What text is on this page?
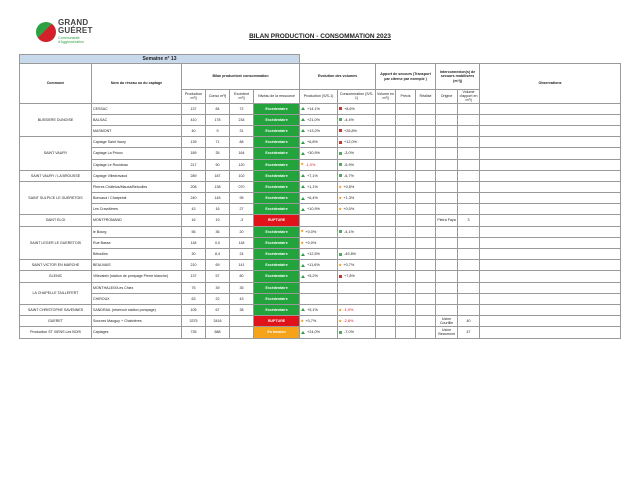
GRAND
GUÉRET
Communauté d'Agglomération
BILAN PRODUCTION - CONSOMMATION 2023
Semaine n° 13													
Commune	Nom du réseau ou du captage	Bilan production/ consommation				Evolution des volumes		Apport de secours (Transport par citerne par exemple )			Interconnexion(s) de secours mobilisées (m³/j)		Observations
		Production m³/j	Conso m³/j	Excédent m³/j	Niveau de la ressource	Production (S/S-1)	Consommation (S/S-1)	Volume en m³/j	Précis	Réalisé	Origine	Volume d'apport en m³/j	
BUSSIERE DUNOISE	CESSAC	137	84	72	Excédentaire	+14,1%	+8,6%						
	BALSAC	410	178	234	Excédentaire	+21,0%	-4,4%						
	MASMONT	40	9	31	Excédentaire	+13,2%	+26,8%						
SAINT VAURY	Captage Saint Vaury	139	71	88	Excédentaire	+6,8%	+12,0%						
	Captage La Prioux	189	35	164	Excédentaire	+30,9%	-3,0%						
	Captage Le Rouideau	217	90	120	Excédentaire	-1,0%	-5,9%						
SAINT VAURY / LA BROUSSE	Captage Villedravaud	289	187	102	Excédentaire	+7,1%	-6,7%						
SAINT SULPICE LE GUERETOIS	Pierres Châtelus/Mauxa/Betoulles	208	138	070	Excédentaire	+1,1%	+0,5%						
	Bonvaud / Chatpeloit	240	145	95	Excédentaire	+6,4%	+1,3%						
	Les Cravolières	43	16	27	Excédentaire	+10,9%	+0,0%						
SAINT ELOI	MONTFROMAND	16	19	-3	RUPTURE						Pietra Faya	3	
SAINT LEGER LE GUERETOIS	le Bourg	56	36	20	Excédentaire	+0,0%	-4,1%						
	Rue Basse	118	0,0	118	Excédentaire	+0,0%							
	Bétoulles	30	8,4	24	Excédentaire	+12,5%	-49,6%						
SAINT VICTOR EN MARCHE	BEAUVAIS	210	69	141	Excédentaire	+11,6%	+0,7%						
GLENIC	Villevaleix (station de pompage Pierre blanche)	137	57	80	Excédentaire	+5,2%	+7,8%						
LA CHAPELLE TAILLEFERT	MONTHALEIX/Les Chiez	75	39	35	Excédentaire								
	CHIROUX	63	22	43	Excédentaire								
SAINT CHRISTOPHE SAVENNES	SANDRAIL (réservoir station pompage)	105	67	38	Excédentaire	+5,1%	-1,9%						
GUERET	Sources Mauguy + Chabrières	3375	3416		RUPTURE	+0,7%	-2,8%				Usine Courtille	40	
Production ST VIENS Les BOIS	Captages	735	688		En tension	+24,0%	-7,0%				Usine Beaumont	47	
